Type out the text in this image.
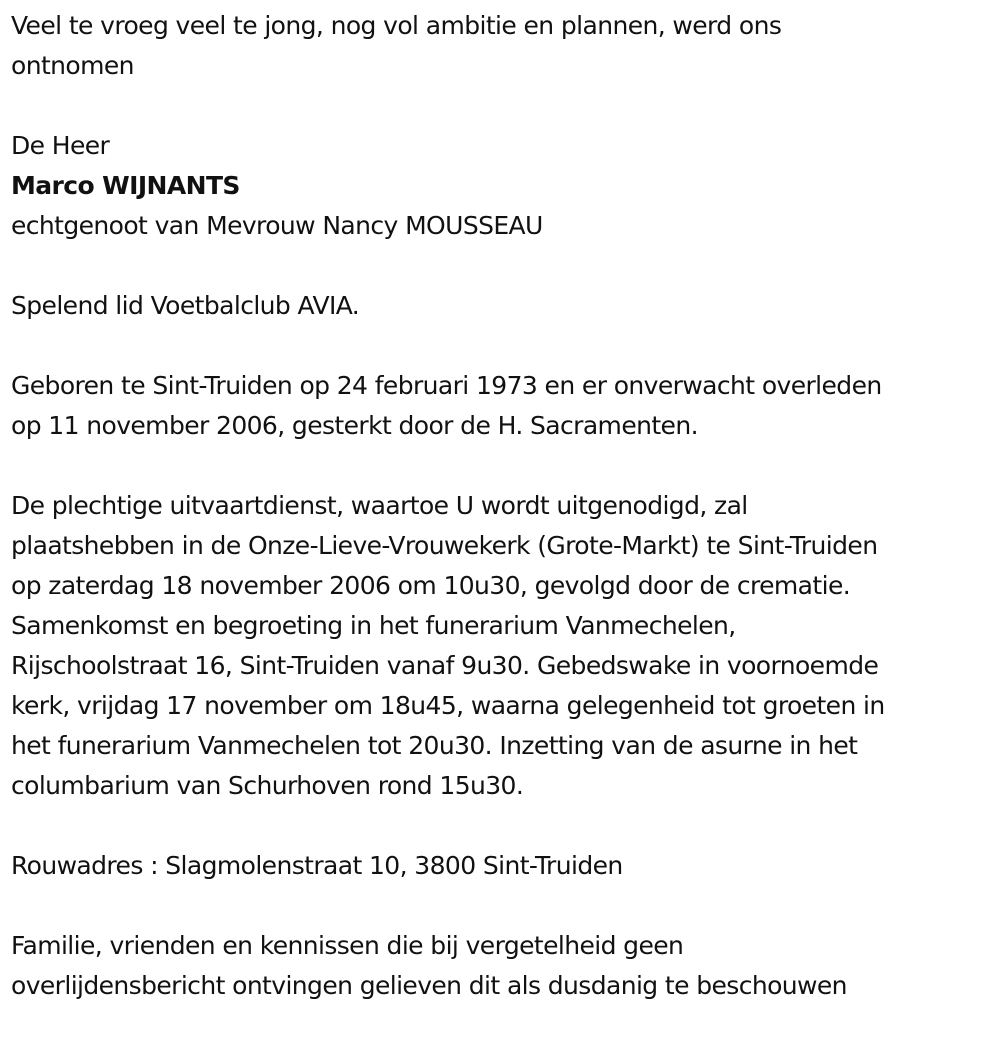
Veel te vroeg veel te jong, nog vol ambitie en plannen, werd ons
ontnomen
De Heer
Marco WIJNANTS
echtgenoot van Mevrouw Nancy MOUSSEAU
Spelend lid Voetbalclub AVIA.
Geboren te Sint-Truiden op 24 februari 1973 en er onverwacht overleden
op 11 november 2006, gesterkt door de H. Sacramenten.
De plechtige uitvaartdienst, waartoe U wordt uitgenodigd, zal
plaatshebben in de Onze-Lieve-Vrouwekerk (Grote-Markt) te Sint-Truiden
op zaterdag 18 november 2006 om 10u30, gevolgd door de crematie.
Samenkomst en begroeting in het funerarium Vanmechelen,
Rijschoolstraat 16, Sint-Truiden vanaf 9u30. Gebedswake in voornoemde
kerk, vrijdag 17 november om 18u45, waarna gelegenheid tot groeten in
het funerarium Vanmechelen tot 20u30. Inzetting van de asurne in het
columbarium van Schurhoven rond 15u30.
Rouwadres : Slagmolenstraat 10, 3800 Sint-Truiden
Familie, vrienden en kennissen die bij vergetelheid geen
overlijdensbericht ontvingen gelieven dit als dusdanig te beschouwen
